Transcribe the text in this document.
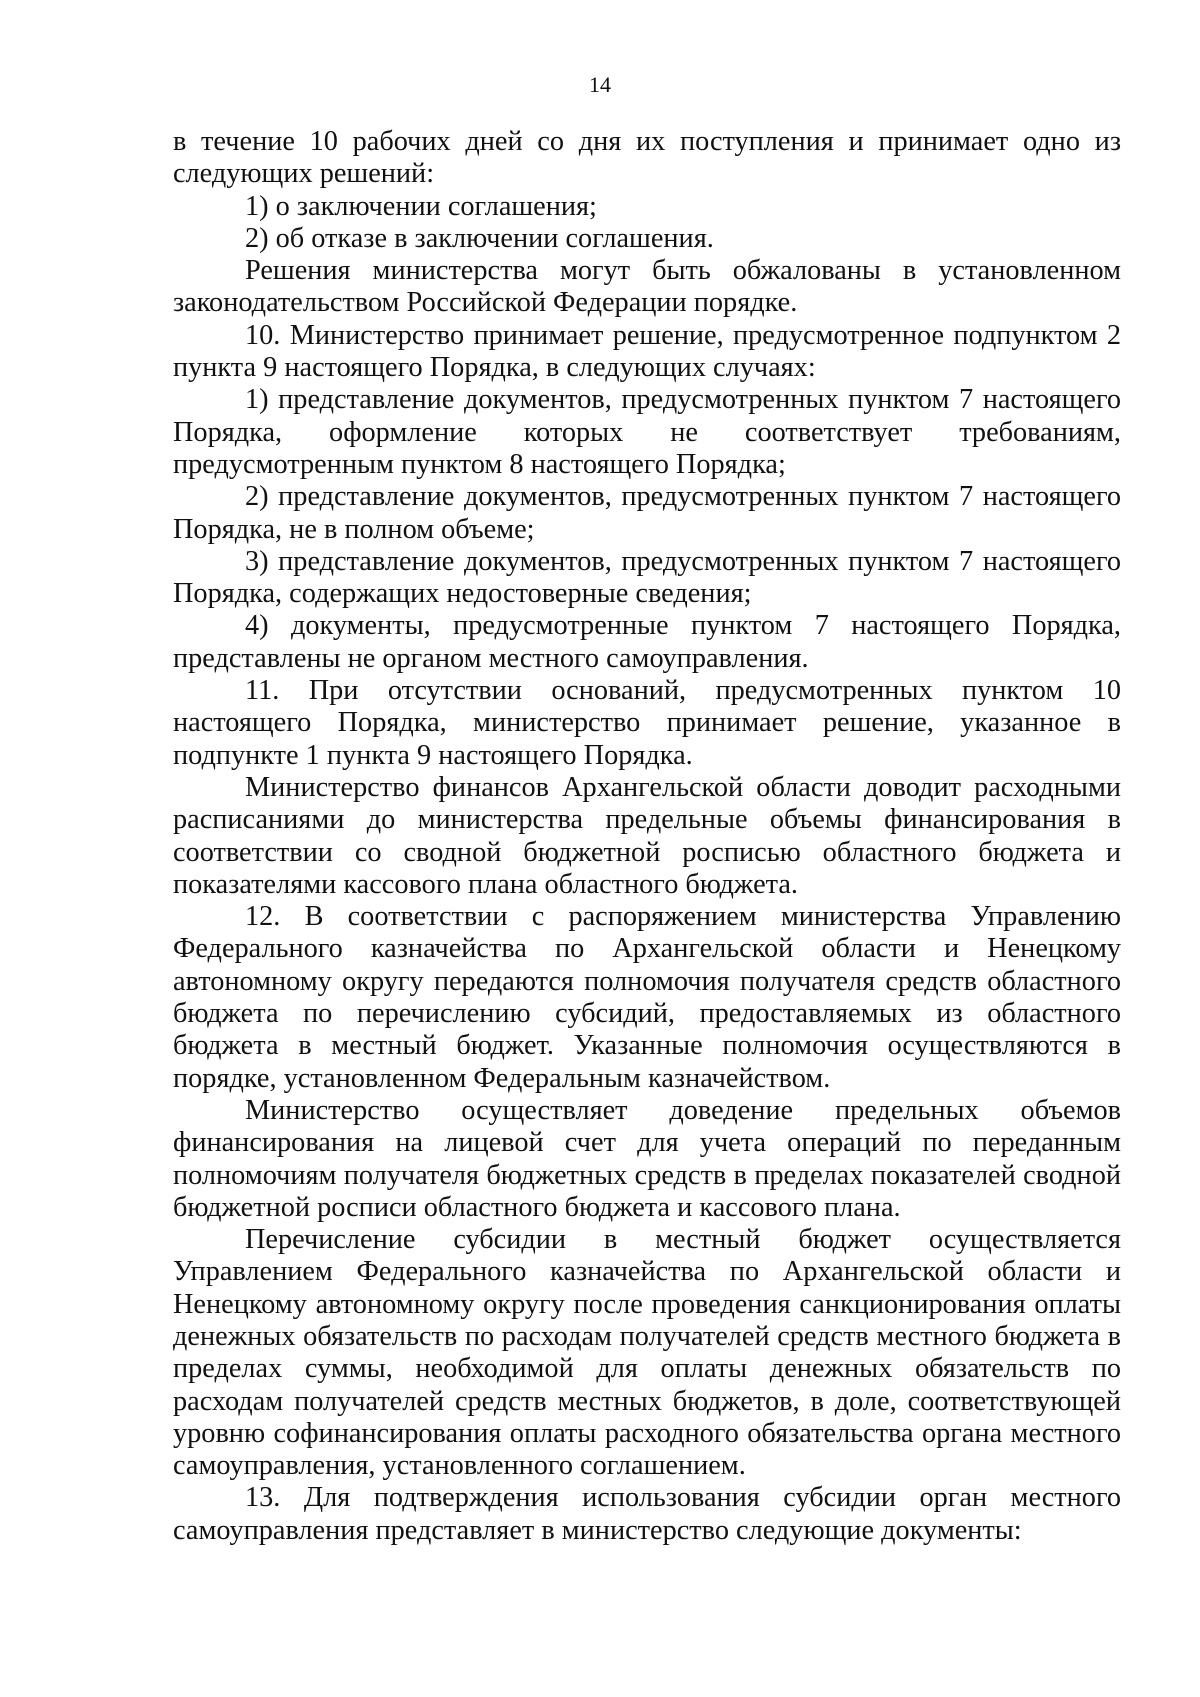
14

в течение 10 рабочих дней со дня их поступления и принимает одно из следующих решений:

1) о заключении соглашения;

2) об отказе в заключении соглашения.

Решения министерства могут быть обжалованы в установленном законодательством Российской Федерации порядке.

10. Министерство принимает решение, предусмотренное подпунктом 2 пункта 9 настоящего Порядка, в следующих случаях:

1) представление документов, предусмотренных пунктом 7 настоящего Порядка, оформление которых не соответствует требованиям, предусмотренным пунктом 8 настоящего Порядка;

2) представление документов, предусмотренных пунктом 7 настоящего Порядка, не в полном объеме;

3) представление документов, предусмотренных пунктом 7 настоящего Порядка, содержащих недостоверные сведения;

4) документы, предусмотренные пунктом 7 настоящего Порядка, представлены не органом местного самоуправления.

11. При отсутствии оснований, предусмотренных пунктом 10 настоящего Порядка, министерство принимает решение, указанное в подпункте 1 пункта 9 настоящего Порядка.

Министерство финансов Архангельской области доводит расходными расписаниями до министерства предельные объемы финансирования в соответствии со сводной бюджетной росписью областного бюджета и показателями кассового плана областного бюджета.

12. В соответствии с распоряжением министерства Управлению Федерального казначейства по Архангельской области и Ненецкому автономному округу передаются полномочия получателя средств областного бюджета по перечислению субсидий, предоставляемых из областного бюджета в местный бюджет. Указанные полномочия осуществляются в порядке, установленном Федеральным казначейством.

Министерство осуществляет доведение предельных объемов финансирования на лицевой счет для учета операций по переданным полномочиям получателя бюджетных средств в пределах показателей сводной бюджетной росписи областного бюджета и кассового плана.

Перечисление субсидии в местный бюджет осуществляется Управлением Федерального казначейства по Архангельской области и Ненецкому автономному округу после проведения санкционирования оплаты денежных обязательств по расходам получателей средств местного бюджета в пределах суммы, необходимой для оплаты денежных обязательств по расходам получателей средств местных бюджетов, в доле, соответствующей уровню софинансирования оплаты расходного обязательства органа местного самоуправления, установленного соглашением.

13. Для подтверждения использования субсидии орган местного самоуправления представляет в министерство следующие документы:
